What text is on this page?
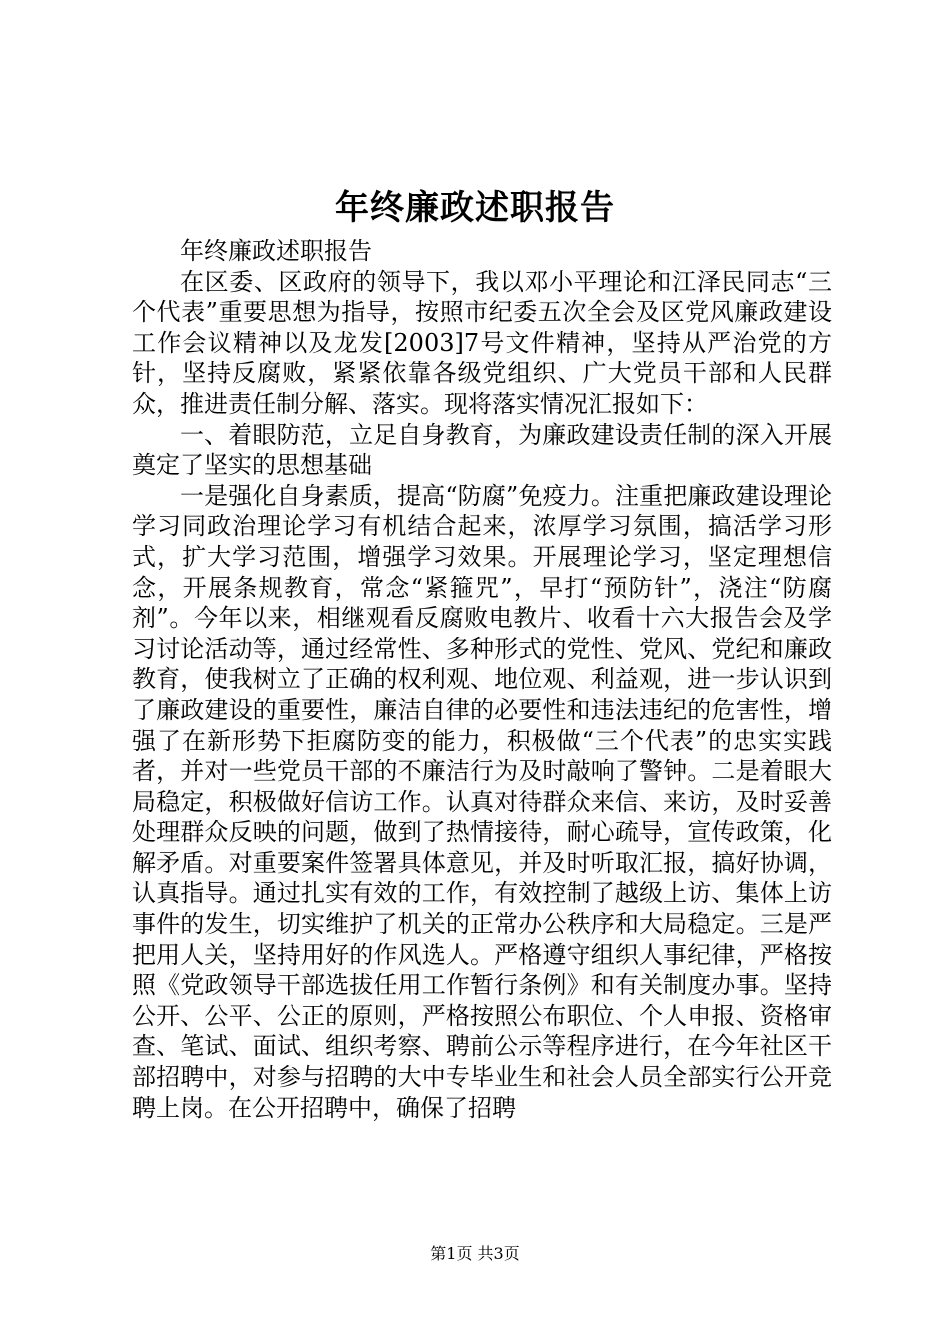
年终廉政述职报告

年终廉政述职报告

在区委、区政府的领导下，我以邓小平理论和江泽民同志“三个代表”重要思想为指导，按照市纪委五次全会及区党风廉政建设工作会议精神以及龙发[2003]7号文件精神，坚持从严治党的方针，坚持反腐败，紧紧依靠各级党组织、广大党员干部和人民群众，推进责任制分解、落实。现将落实情况汇报如下：

一、着眼防范，立足自身教育，为廉政建设责任制的深入开展奠定了坚实的思想基础

一是强化自身素质，提高“防腐”免疫力。注重把廉政建设理论学习同政治理论学习有机结合起来，浓厚学习氛围，搞活学习形式，扩大学习范围，增强学习效果。开展理论学习，坚定理想信念，开展条规教育，常念“紧箍咒”，早打“预防针”，浇注“防腐剂”。今年以来，相继观看反腐败电教片、收看十六大报告会及学习讨论活动等，通过经常性、多种形式的党性、党风、党纪和廉政教育，使我树立了正确的权利观、地位观、利益观，进一步认识到了廉政建设的重要性，廉洁自律的必要性和违法违纪的危害性，增强了在新形势下拒腐防变的能力，积极做“三个代表”的忠实实践者，并对一些党员干部的不廉洁行为及时敲响了警钟。二是着眼大局稳定，积极做好信访工作。认真对待群众来信、来访，及时妥善处理群众反映的问题，做到了热情接待，耐心疏导，宣传政策，化解矛盾。对重要案件签署具体意见，并及时听取汇报，搞好协调，认真指导。通过扎实有效的工作，有效控制了越级上访、集体上访事件的发生，切实维护了机关的正常办公秩序和大局稳定。三是严把用人关，坚持用好的作风选人。严格遵守组织人事纪律，严格按照《党政领导干部选拔任用工作暂行条例》和有关制度办事。坚持公开、公平、公正的原则，严格按照公布职位、个人申报、资格审查、笔试、面试、组织考察、聘前公示等程序进行，在今年社区干部招聘中，对参与招聘的大中专毕业生和社会人员全部实行公开竞聘上岗。在公开招聘中，确保了招聘

第1页 共3页
